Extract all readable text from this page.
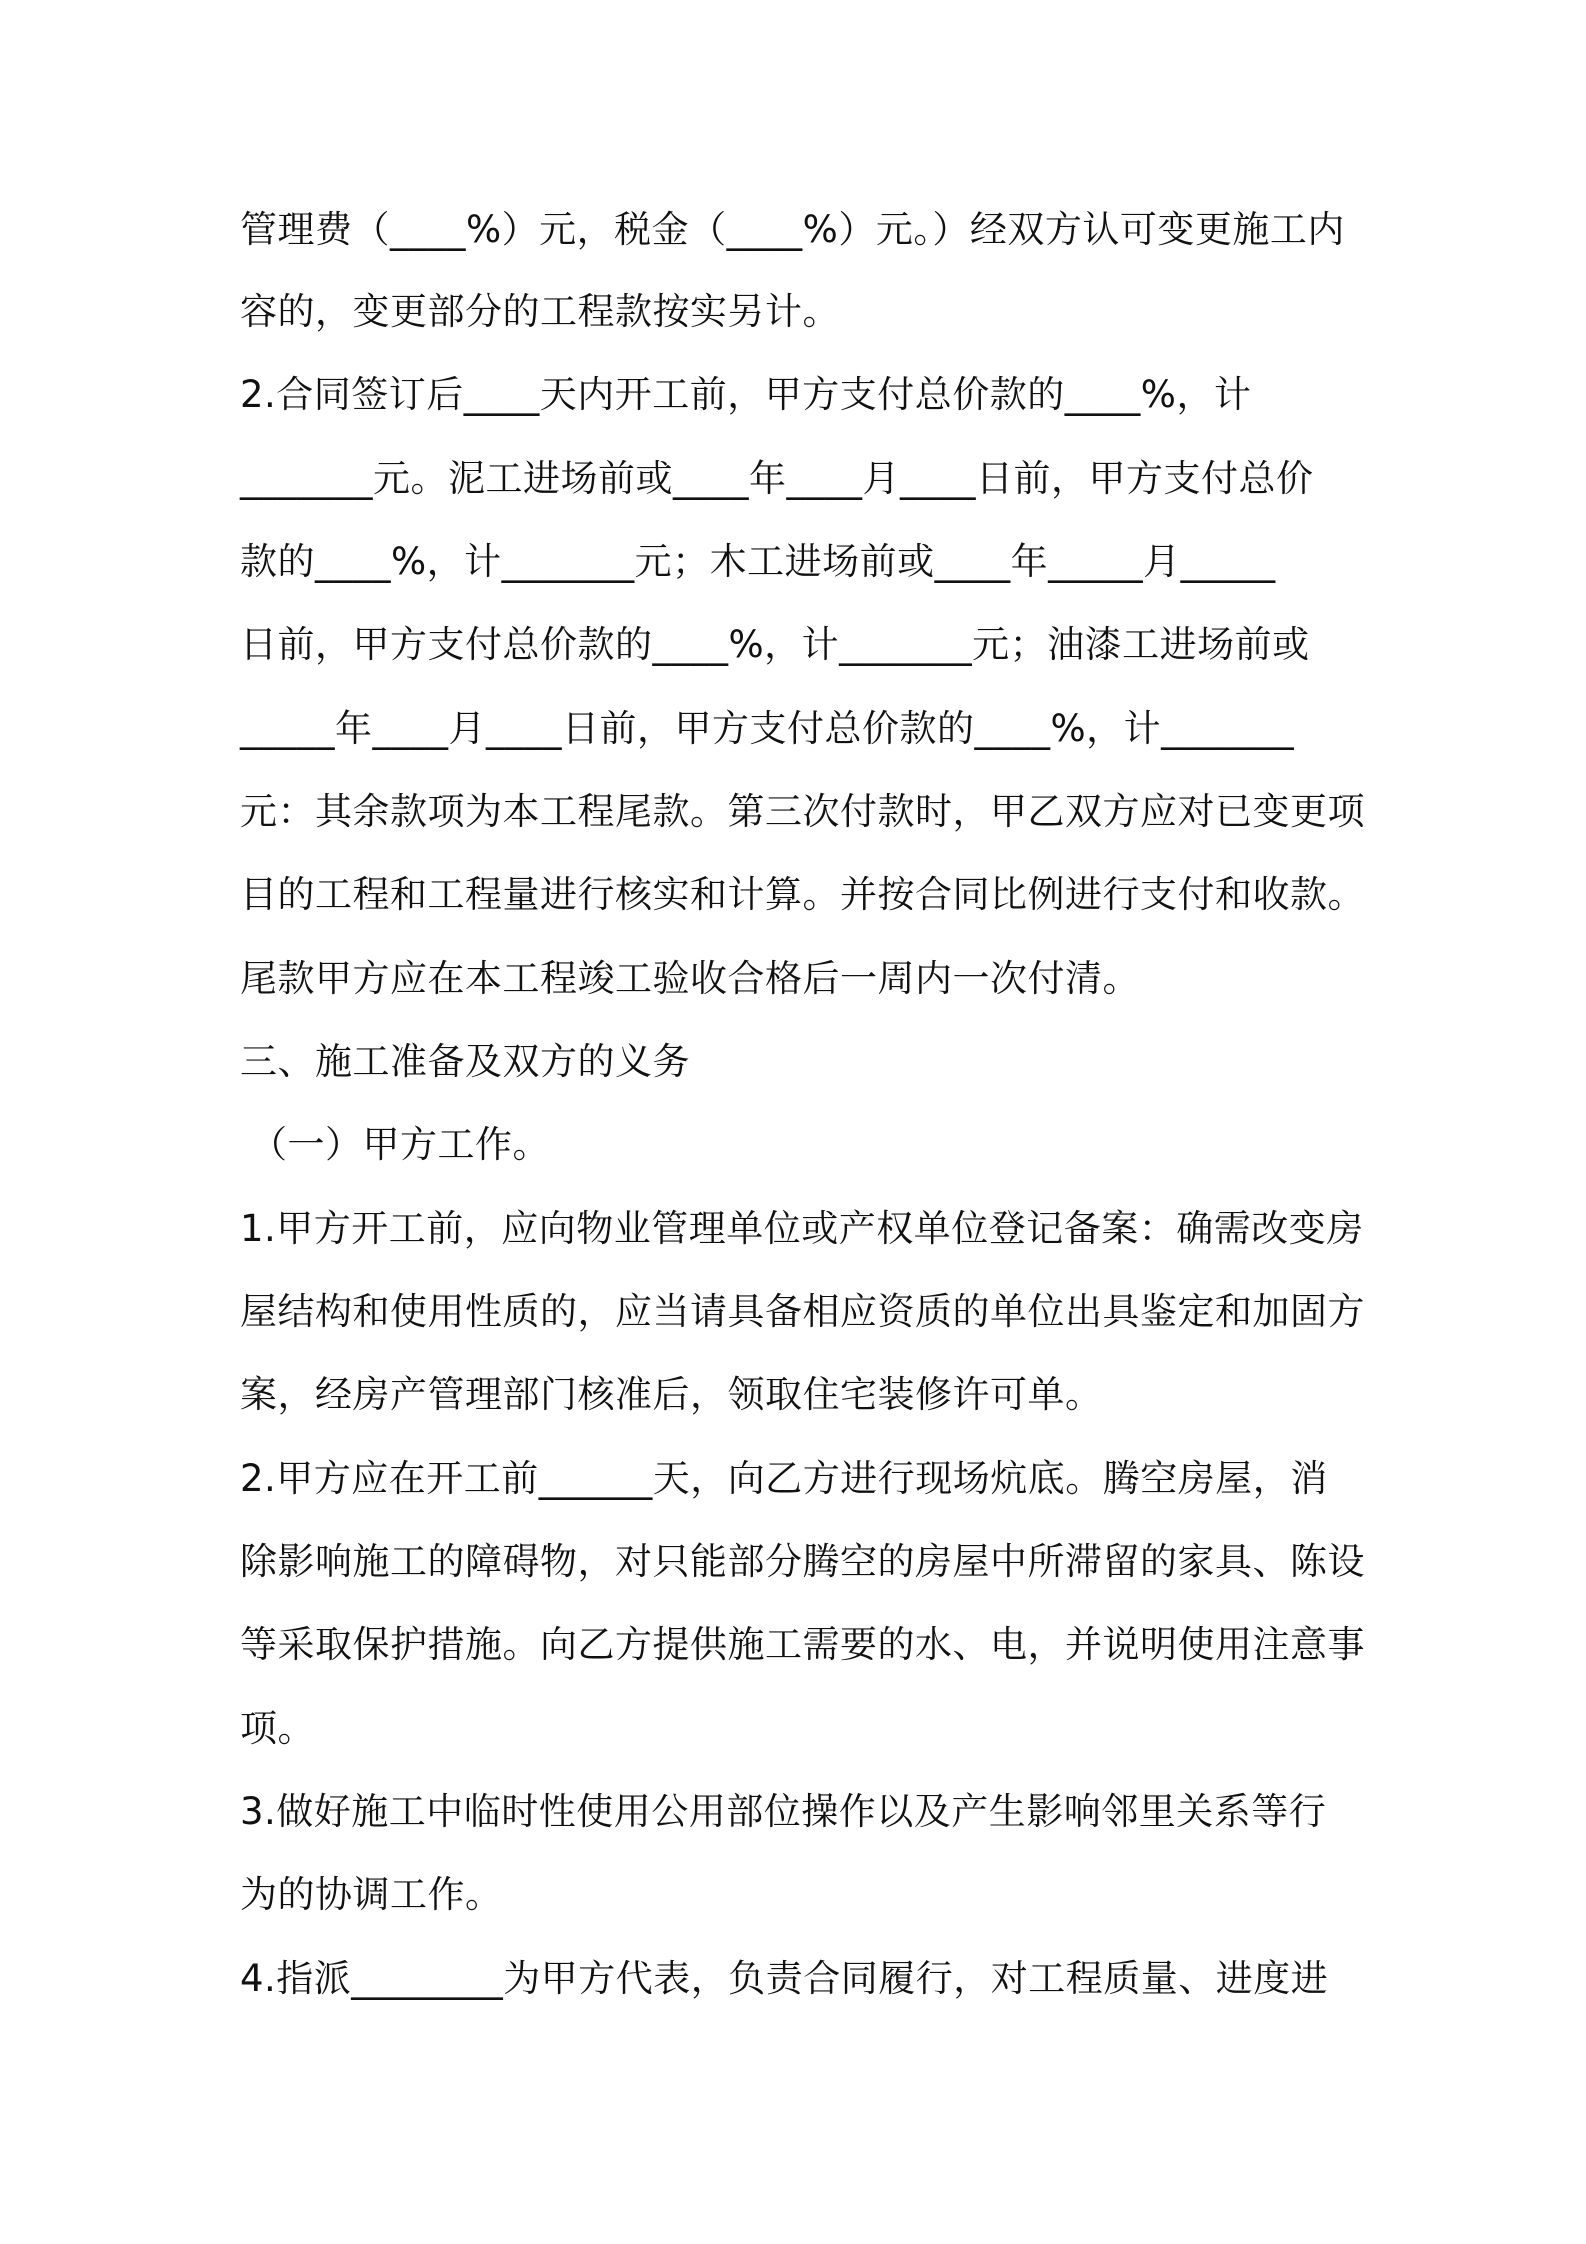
管理费（____%）元，税金（____%）元。）经双方认可变更施工内
容的，变更部分的工程款按实另计。
2.合同签订后____天内开工前，甲方支付总价款的____%，计
_______元。泥工进场前或____年____月____日前，甲方支付总价
款的____%，计_______元；木工进场前或____年_____月_____
日前，甲方支付总价款的____%，计_______元；油漆工进场前或
_____年____月____日前，甲方支付总价款的____%，计_______
元：其余款项为本工程尾款。第三次付款时，甲乙双方应对已变更项
目的工程和工程量进行核实和计算。并按合同比例进行支付和收款。
尾款甲方应在本工程竣工验收合格后一周内一次付清。
三、施工准备及双方的义务
（一）甲方工作。
1.甲方开工前，应向物业管理单位或产权单位登记备案：确需改变房
屋结构和使用性质的，应当请具备相应资质的单位出具鉴定和加固方
案，经房产管理部门核准后，领取住宅装修许可单。
2.甲方应在开工前______天，向乙方进行现场炕底。腾空房屋，消
除影响施工的障碍物，对只能部分腾空的房屋中所滞留的家具、陈设
等采取保护措施。向乙方提供施工需要的水、电，并说明使用注意事
项。
3.做好施工中临时性使用公用部位操作以及产生影响邻里关系等行
为的协调工作。
4.指派________为甲方代表，负责合同履行，对工程质量、进度进
